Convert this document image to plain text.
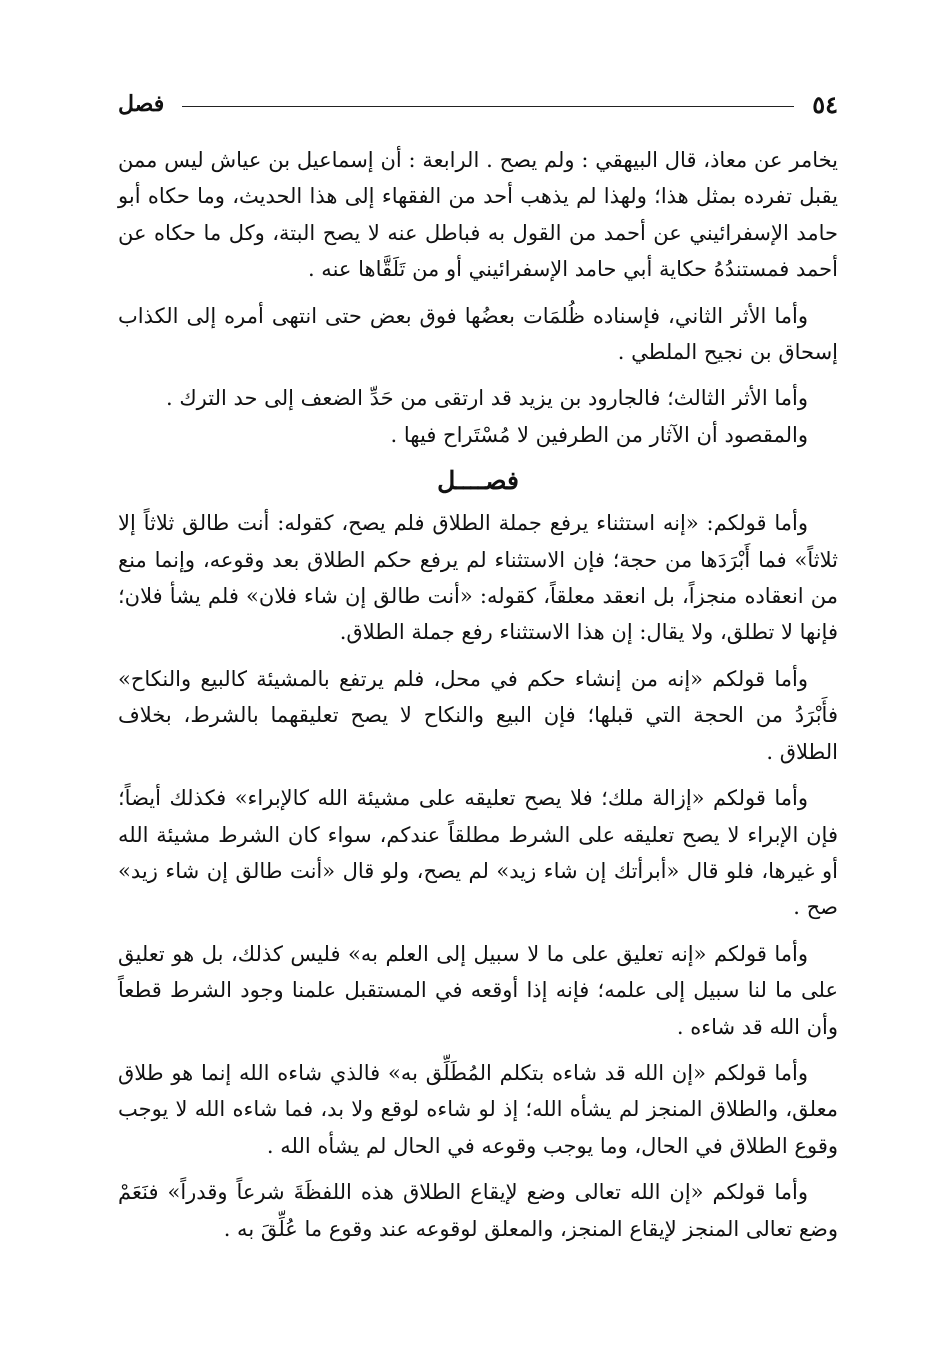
٥٤
فصل

يخامر عن معاذ، قال البيهقي : ولم يصح . الرابعة : أن إسماعيل بن عياش ليس ممن يقبل تفرده بمثل هذا؛ ولهذا لم يذهب أحد من الفقهاء إلى هذا الحديث، وما حكاه أبو حامد الإسفرائيني عن أحمد من القول به فباطل عنه لا يصح البتة، وكل ما حكاه عن أحمد فمستندُهُ حكاية أبي حامد الإسفرائيني أو من تَلَقَّاها عنه .

وأما الأثر الثاني، فإسناده ظُلمَات بعضُها فوق بعض حتى انتهى أمره إلى الكذاب إسحاق بن نجيح الملطي .

وأما الأثر الثالث؛ فالجارود بن يزيد قد ارتقى من حَدِّ الضعف إلى حد الترك .

والمقصود أن الآثار من الطرفين لا مُسْتَراح فيها .

فصــــل

وأما قولكم: «إنه استثناء يرفع جملة الطلاق فلم يصح، كقوله: أنت طالق ثلاثاً إلا ثلاثاً» فما أَبْرَدَها من حجة؛ فإن الاستثناء لم يرفع حكم الطلاق بعد وقوعه، وإنما منع من انعقاده منجزاً، بل انعقد معلقاً، كقوله: «أنت طالق إن شاء فلان» فلم يشأ فلان؛ فإنها لا تطلق، ولا يقال: إن هذا الاستثناء رفع جملة الطلاق.

وأما قولكم «إنه من إنشاء حكم في محل، فلم يرتفع بالمشيئة كالبيع والنكاح» فأَبْرَدُ من الحجة التي قبلها؛ فإن البيع والنكاح لا يصح تعليقهما بالشرط، بخلاف الطلاق .

وأما قولكم «إزالة ملك؛ فلا يصح تعليقه على مشيئة الله كالإبراء» فكذلك أيضاً؛ فإن الإبراء لا يصح تعليقه على الشرط مطلقاً عندكم، سواء كان الشرط مشيئة الله أو غيرها، فلو قال «أبرأتك إن شاء زيد» لم يصح، ولو قال «أنت طالق إن شاء زيد» صح .

وأما قولكم «إنه تعليق على ما لا سبيل إلى العلم به» فليس كذلك، بل هو تعليق على ما لنا سبيل إلى علمه؛ فإنه إذا أوقعه في المستقبل علمنا وجود الشرط قطعاً وأن الله قد شاءه .

وأما قولكم «إن الله قد شاءه بتكلم المُطَلِّق به» فالذي شاءه الله إنما هو طلاق معلق، والطلاق المنجز لم يشأه الله؛ إذ لو شاءه لوقع ولا بد، فما شاءه الله لا يوجب وقوع الطلاق في الحال، وما يوجب وقوعه في الحال لم يشأه الله .

وأما قولكم «إن الله تعالى وضع لإيقاع الطلاق هذه اللفظَةَ شرعاً وقدراً» فنَعَمْ وضع تعالى المنجز لإيقاع المنجز، والمعلق لوقوعه عند وقوع ما عُلِّقَ به .
